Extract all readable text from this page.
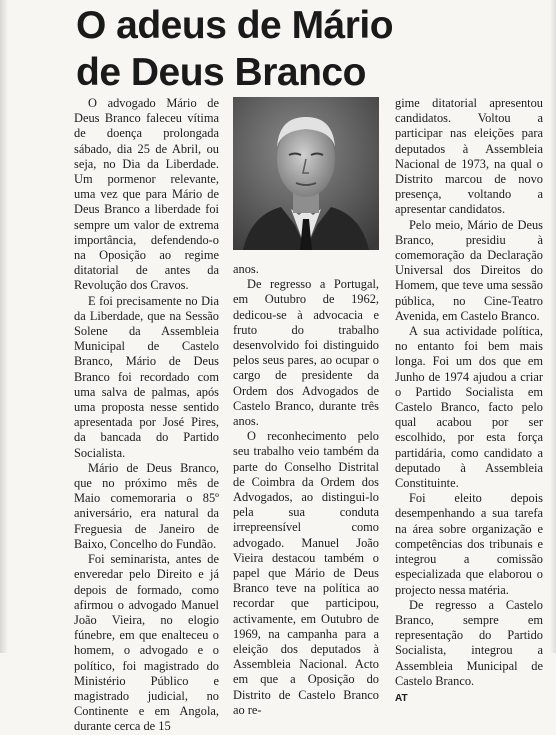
O adeus de Mário
de Deus Branco

O advogado Mário de Deus Branco faleceu vítima de doença prolongada sábado, dia 25 de Abril, ou seja, no Dia da Liberdade. Um pormenor relevante, uma vez que para Mário de Deus Branco a liberdade foi sempre um valor de extrema importância, defendendo-o na Oposição ao regime ditatorial de antes da Revolução dos Cravos.

E foi precisamente no Dia da Liberdade, que na Sessão Solene da Assembleia Municipal de Castelo Branco, Mário de Deus Branco foi recordado com uma salva de palmas, após uma proposta nesse sentido apresentada por José Pires, da bancada do Partido Socialista.

Mário de Deus Branco, que no próximo mês de Maio comemoraria o 85º aniversário, era natural da Freguesia de Janeiro de Baixo, Concelho do Fundão.

Foi seminarista, antes de enveredar pelo Direito e já depois de formado, como afirmou o advogado Manuel João Vieira, no elogio fúnebre, em que enalteceu o homem, o advogado e o político, foi magistrado do Ministério Público e magistrado judicial, no Continente e em Angola, durante cerca de 15

anos.

De regresso a Portugal, em Outubro de 1962, dedicou-se à advocacia e fruto do trabalho desenvolvido foi distinguido pelos seus pares, ao ocupar o cargo de presidente da Ordem dos Advogados de Castelo Branco, durante três anos.

O reconhecimento pelo seu trabalho veio também da parte do Conselho Distrital de Coimbra da Ordem dos Advogados, ao distingui-lo pela sua conduta irrepreensível como advogado. Manuel João Vieira destacou também o papel que Mário de Deus Branco teve na política ao recordar que participou, activamente, em Outubro de 1969, na campanha para a eleição dos deputados à Assembleia Nacional. Acto em que a Oposição do Distrito de Castelo Branco ao re-

gime ditatorial apresentou candidatos. Voltou a participar nas eleições para deputados à Assembleia Nacional de 1973, na qual o Distrito marcou de novo presença, voltando a apresentar candidatos.

Pelo meio, Mário de Deus Branco, presidiu à comemoração da Declaração Universal dos Direitos do Homem, que teve uma sessão pública, no Cine-Teatro Avenida, em Castelo Branco.

A sua actividade política, no entanto foi bem mais longa. Foi um dos que em Junho de 1974 ajudou a criar o Partido Socialista em Castelo Branco, facto pelo qual acabou por ser escolhido, por esta força partidária, como candidato a deputado à Assembleia Constituinte.

Foi eleito depois desempenhando a sua tarefa na área sobre organização e competências dos tribunais e integrou a comissão especializada que elaborou o projecto nessa matéria.

De regresso a Castelo Branco, sempre em representação do Partido Socialista, integrou a Assembleia Municipal de Castelo Branco.

AT
